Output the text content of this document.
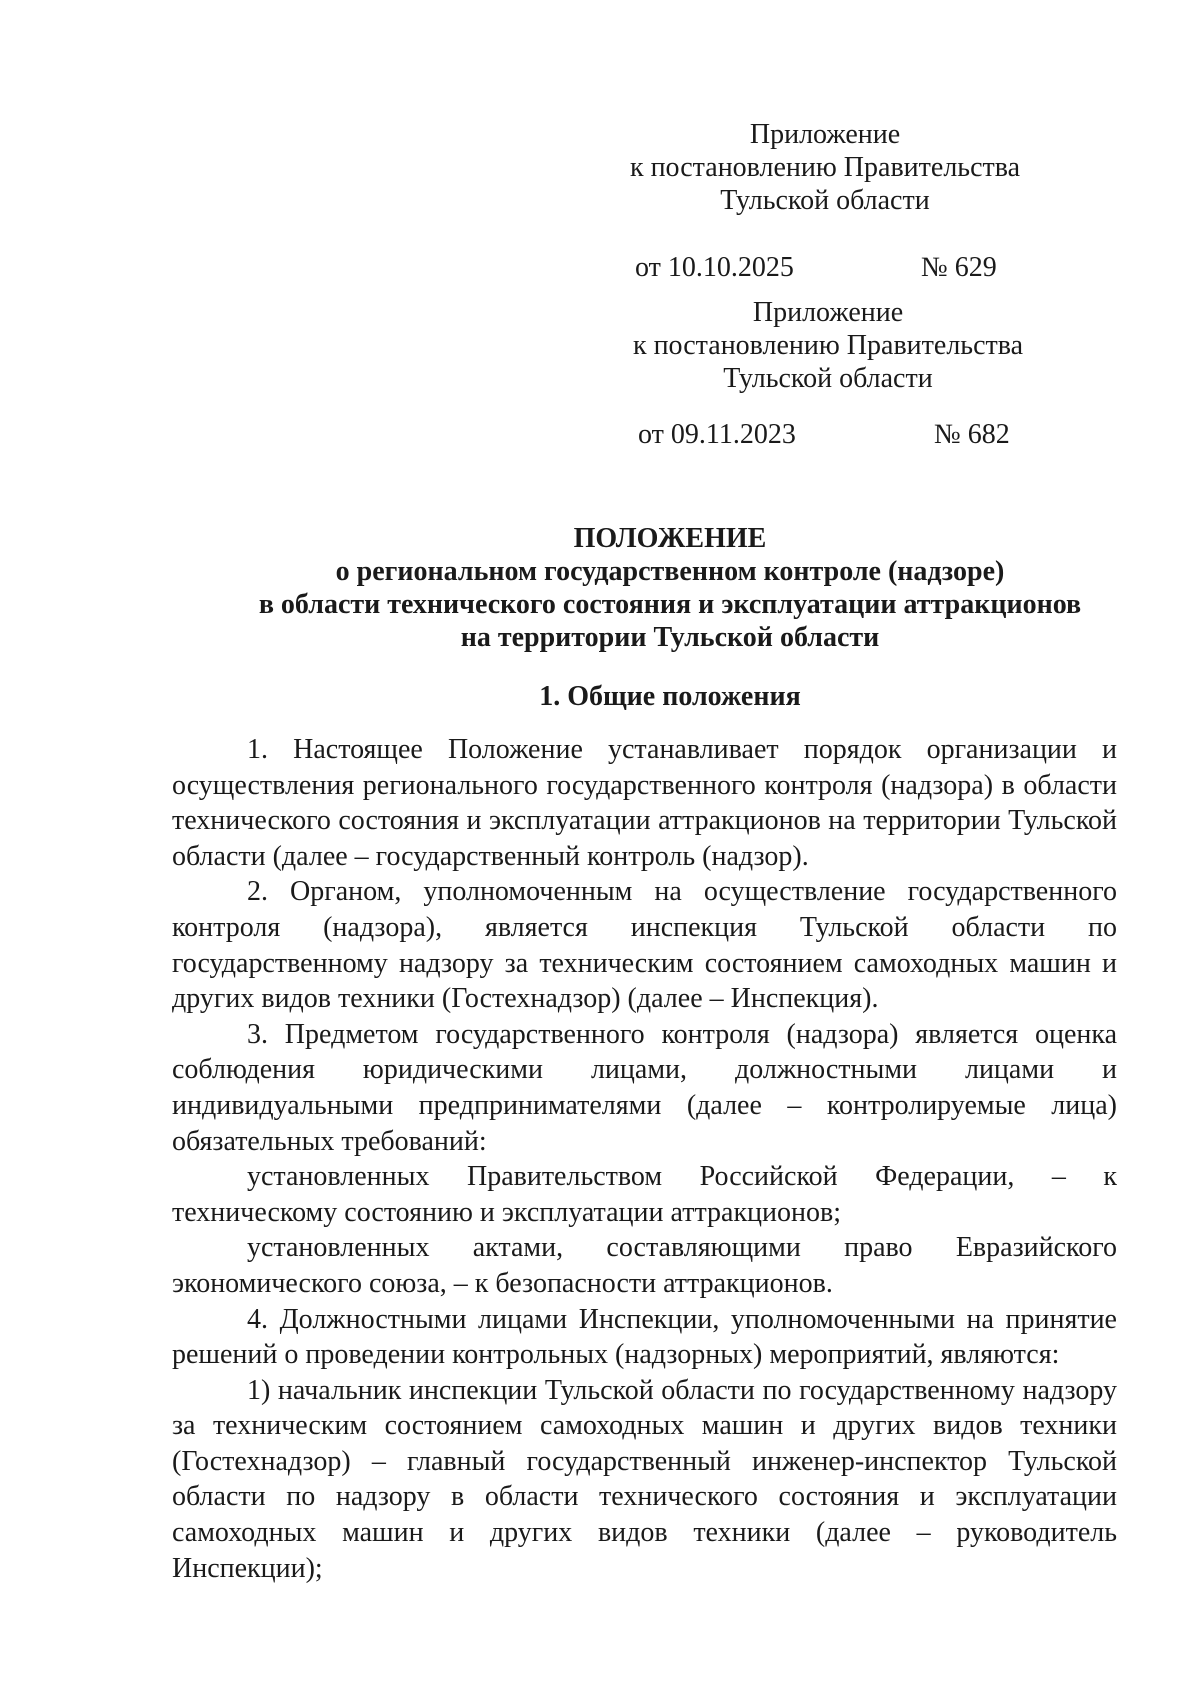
Приложение
к постановлению Правительства
Тульской области
от 10.10.2025	№ 629
Приложение
к постановлению Правительства
Тульской области
от 09.11.2023	№ 682
ПОЛОЖЕНИЕ
о региональном государственном контроле (надзоре)
в области технического состояния и эксплуатации аттракционов
на территории Тульской области
1. Общие положения

1. Настоящее Положение устанавливает порядок организации и осуществления регионального государственного контроля (надзора) в области технического состояния и эксплуатации аттракционов на территории Тульской области (далее – государственный контроль (надзор).

2. Органом, уполномоченным на осуществление государственного контроля (надзора), является инспекция Тульской области по государственному надзору за техническим состоянием самоходных машин и других видов техники (Гостехнадзор) (далее – Инспекция).

3. Предметом государственного контроля (надзора) является оценка соблюдения юридическими лицами, должностными лицами и индивидуальными предпринимателями (далее – контролируемые лица) обязательных требований:

установленных Правительством Российской Федерации, – к техническому состоянию и эксплуатации аттракционов;

установленных актами, составляющими право Евразийского экономического союза, – к безопасности аттракционов.

4. Должностными лицами Инспекции, уполномоченными на принятие решений о проведении контрольных (надзорных) мероприятий, являются:

1) начальник инспекции Тульской области по государственному надзору за техническим состоянием самоходных машин и других видов техники (Гостехнадзор) – главный государственный инженер-инспектор Тульской области по надзору в области технического состояния и эксплуатации самоходных машин и других видов техники (далее – руководитель Инспекции);
